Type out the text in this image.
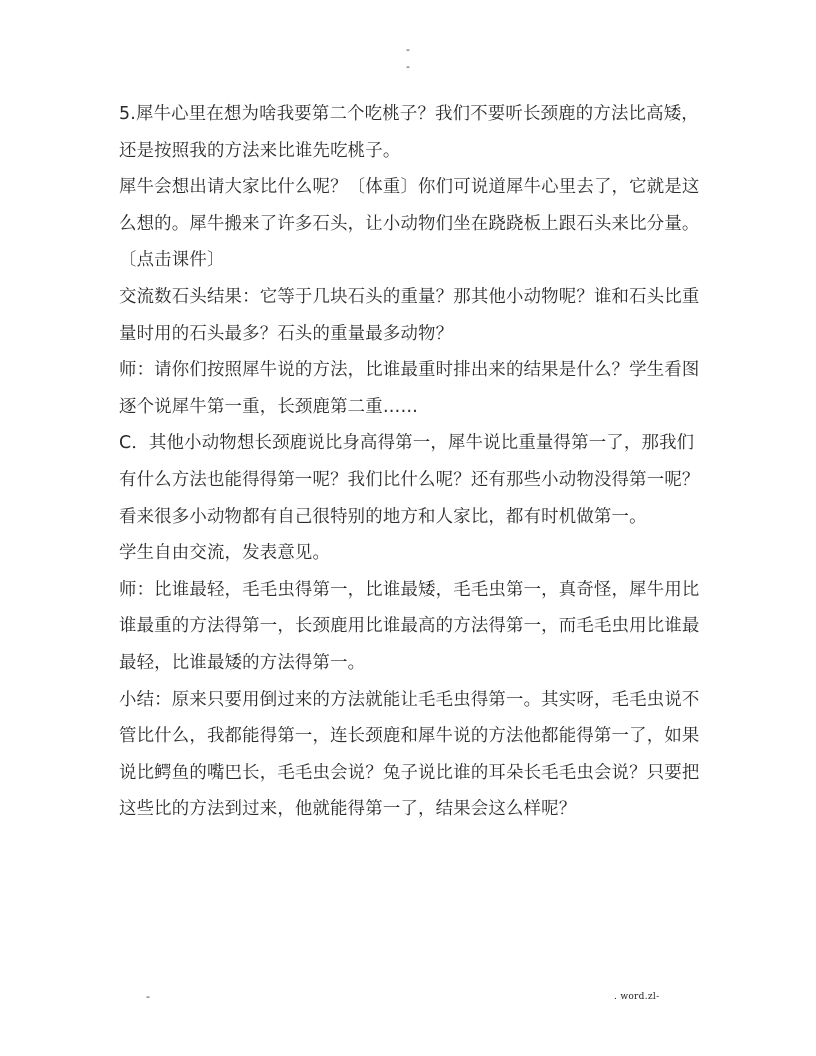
-
-

5.犀牛心里在想为啥我要第二个吃桃子？我们不要听长颈鹿的方法比高矮，还是按照我的方法来比谁先吃桃子。

犀牛会想出请大家比什么呢？〔体重〕你们可说道犀牛心里去了，它就是这么想的。犀牛搬来了许多石头，让小动物们坐在跷跷板上跟石头来比分量。〔点击课件〕

交流数石头结果：它等于几块石头的重量？那其他小动物呢？谁和石头比重量时用的石头最多？石头的重量最多动物？

师：请你们按照犀牛说的方法，比谁最重时排出来的结果是什么？学生看图逐个说犀牛第一重，长颈鹿第二重……

C．其他小动物想长颈鹿说比身高得第一，犀牛说比重量得第一了，那我们有什么方法也能得得第一呢？我们比什么呢？还有那些小动物没得第一呢？看来很多小动物都有自己很特别的地方和人家比，都有时机做第一。

学生自由交流，发表意见。

师：比谁最轻，毛毛虫得第一，比谁最矮，毛毛虫第一，真奇怪，犀牛用比谁最重的方法得第一，长颈鹿用比谁最高的方法得第一，而毛毛虫用比谁最最轻，比谁最矮的方法得第一。

小结：原来只要用倒过来的方法就能让毛毛虫得第一。其实呀，毛毛虫说不管比什么，我都能得第一，连长颈鹿和犀牛说的方法他都能得第一了，如果说比鳄鱼的嘴巴长，毛毛虫会说？兔子说比谁的耳朵长毛毛虫会说？只要把这些比的方法到过来，他就能得第一了，结果会这么样呢？

-	. word.zl-
